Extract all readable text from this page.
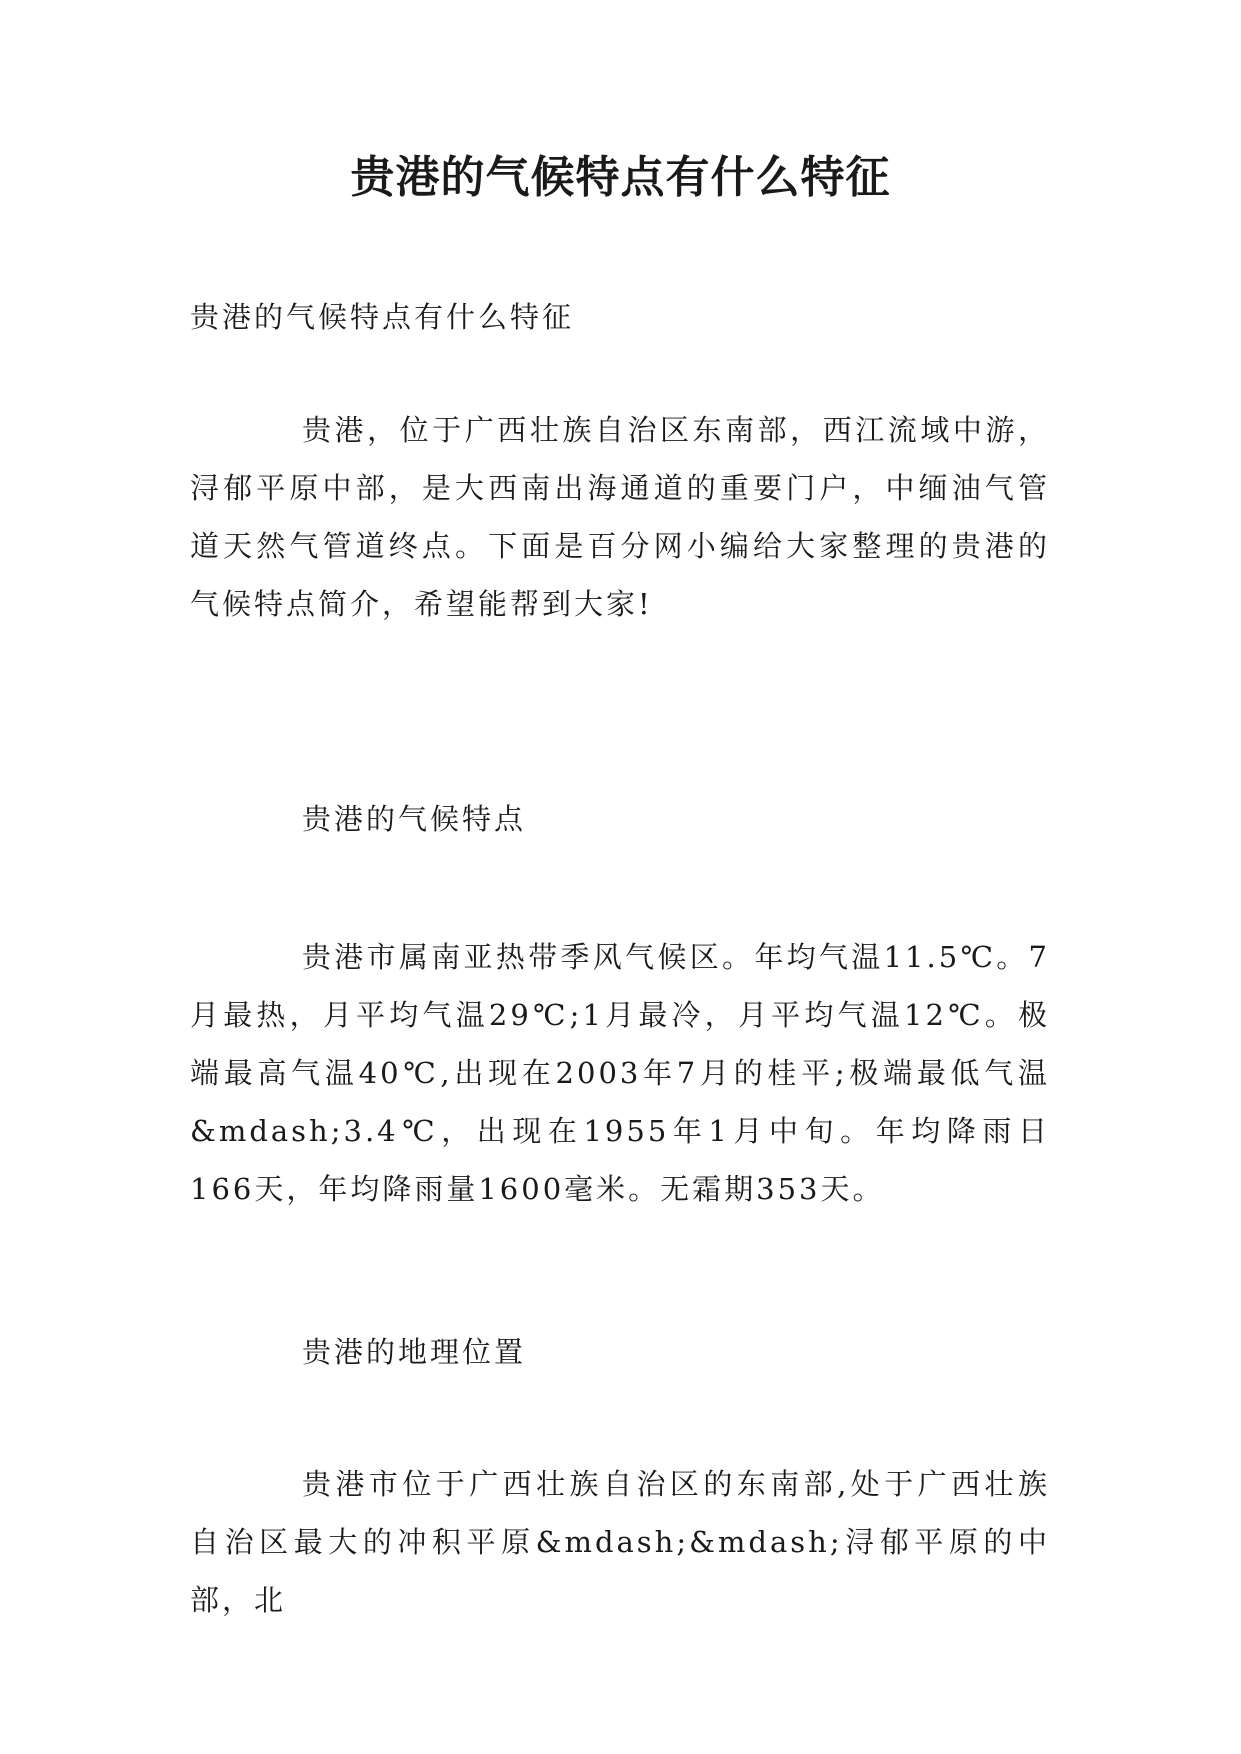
贵港的气候特点有什么特征

贵港的气候特点有什么特征

贵港，位于广西壮族自治区东南部，西江流域中游，浔郁平原中部，是大西南出海通道的重要门户，中缅油气管道天然气管道终点。下面是百分网小编给大家整理的贵港的气候特点简介，希望能帮到大家!

贵港的气候特点

贵港市属南亚热带季风气候区。年均气温11.5℃。7月最热，月平均气温29℃;1月最冷，月平均气温12℃。极端最高气温40℃,出现在2003年7月的桂平;极端最低气温&mdash;3.4℃，出现在1955年1月中旬。年均降雨日166天，年均降雨量1600毫米。无霜期353天。

贵港的地理位置

贵港市位于广西壮族自治区的东南部,处于广西壮族自治区最大的冲积平原&mdash;&mdash;浔郁平原的中部，北
